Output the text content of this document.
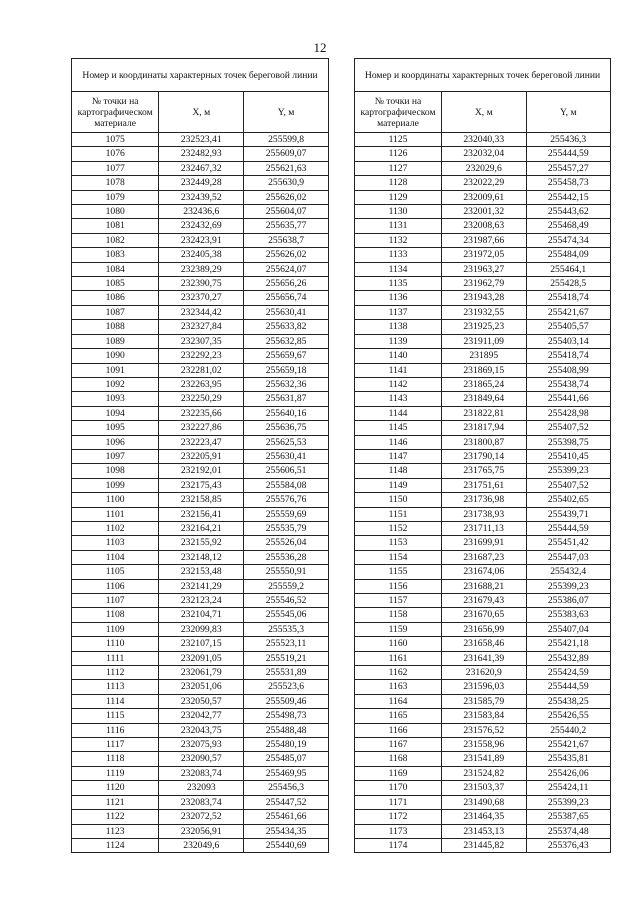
12
Номер и координаты характерных точек береговой линии		
№ точки на картографическом материале	X, м	Y, м
1075	232523,41	255599,8
1076	232482,93	255609,07
1077	232467,32	255621,63
1078	232449,28	255630,9
1079	232439,52	255626,02
1080	232436,6	255604,07
1081	232432,69	255635,77
1082	232423,91	255638,7
1083	232405,38	255626,02
1084	232389,29	255624,07
1085	232390,75	255656,26
1086	232370,27	255656,74
1087	232344,42	255630,41
1088	232327,84	255633,82
1089	232307,35	255632,85
1090	232292,23	255659,67
1091	232281,02	255659,18
1092	232263,95	255632,36
1093	232250,29	255631,87
1094	232235,66	255640,16
1095	232227,86	255636,75
1096	232223,47	255625,53
1097	232205,91	255630,41
1098	232192,01	255606,51
1099	232175,43	255584,08
1100	232158,85	255576,76
1101	232156,41	255559,69
1102	232164,21	255535,79
1103	232155,92	255526,04
1104	232148,12	255536,28
1105	232153,48	255550,91
1106	232141,29	255559,2
1107	232123,24	255546,52
1108	232104,71	255545,06
1109	232099,83	255535,3
1110	232107,15	255523,11
1111	232091,05	255519,21
1112	232061,79	255531,89
1113	232051,06	255523,6
1114	232050,57	255509,46
1115	232042,77	255498,73
1116	232043,75	255488,48
1117	232075,93	255480,19
1118	232090,57	255485,07
1119	232083,74	255469,95
1120	232093	255456,3
1121	232083,74	255447,52
1122	232072,52	255461,66
1123	232056,91	255434,35
1124	232049,6	255440,69
Номер и координаты характерных точек береговой линии		
№ точки на картографическом материале	X, м	Y, м
1125	232040,33	255436,3
1126	232032,04	255444,59
1127	232029,6	255457,27
1128	232022,29	255458,73
1129	232009,61	255442,15
1130	232001,32	255443,62
1131	232008,63	255468,49
1132	231987,66	255474,34
1133	231972,05	255484,09
1134	231963,27	255464,1
1135	231962,79	255428,5
1136	231943,28	255418,74
1137	231932,55	255421,67
1138	231925,23	255405,57
1139	231911,09	255403,14
1140	231895	255418,74
1141	231869,15	255408,99
1142	231865,24	255438,74
1143	231849,64	255441,66
1144	231822,81	255428,98
1145	231817,94	255407,52
1146	231800,87	255398,75
1147	231790,14	255410,45
1148	231765,75	255399,23
1149	231751,61	255407,52
1150	231736,98	255402,65
1151	231738,93	255439,71
1152	231711,13	255444,59
1153	231699,91	255451,42
1154	231687,23	255447,03
1155	231674,06	255432,4
1156	231688,21	255399,23
1157	231679,43	255386,07
1158	231670,65	255383,63
1159	231656,99	255407,04
1160	231658,46	255421,18
1161	231641,39	255432,89
1162	231620,9	255424,59
1163	231596,03	255444,59
1164	231585,79	255438,25
1165	231583,84	255426,55
1166	231576,52	255440,2
1167	231558,96	255421,67
1168	231541,89	255435,81
1169	231524,82	255426,06
1170	231503,37	255424,11
1171	231490,68	255399,23
1172	231464,35	255387,65
1173	231453,13	255374,48
1174	231445,82	255376,43
